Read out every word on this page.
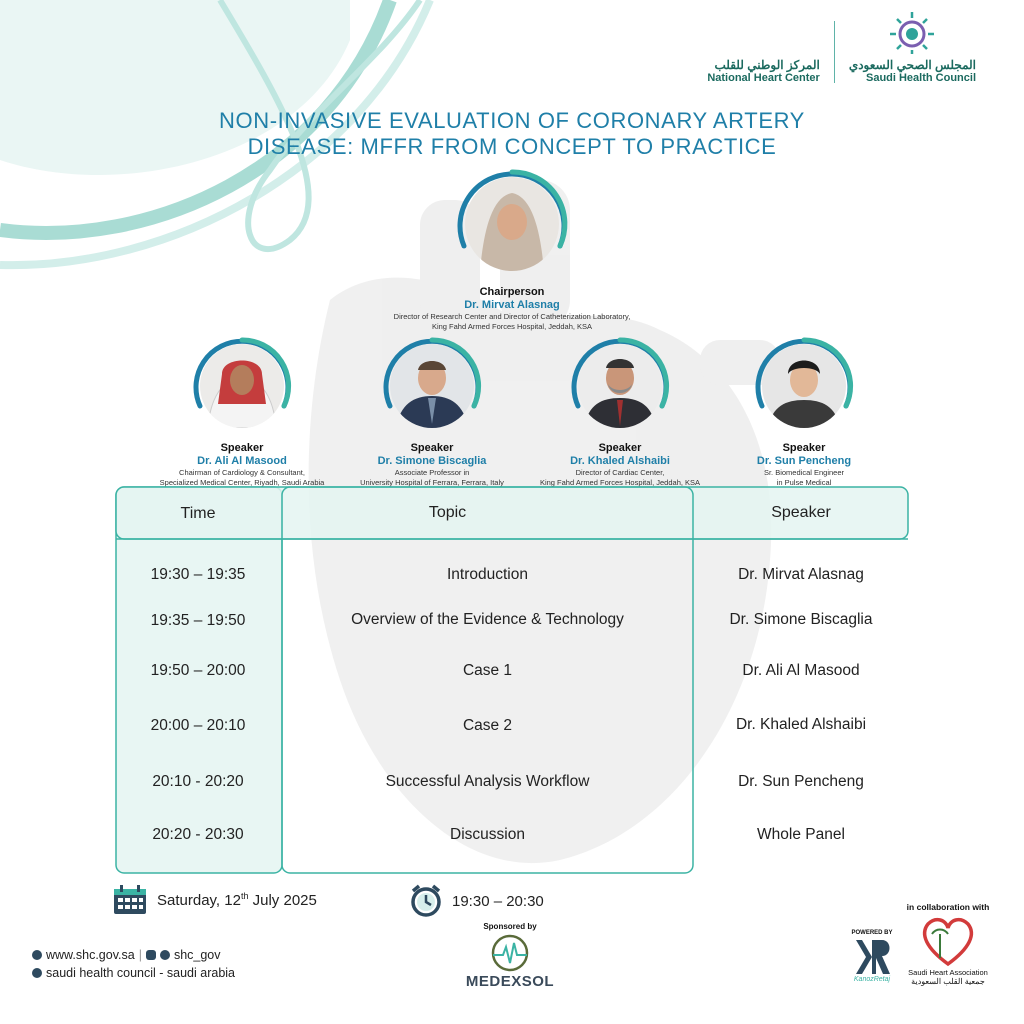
المركز الوطني للقلب
National Heart Center
المجلس الصحي السعودي
Saudi Health Council
NON-INVASIVE EVALUATION OF CORONARY ARTERY
DISEASE: MFFR FROM CONCEPT TO PRACTICE
Chairperson
Dr. Mirvat Alasnag
Director of Research Center and Director of Catheterization Laboratory,
King Fahd Armed Forces Hospital, Jeddah, KSA
Speaker
Dr. Ali Al Masood
Chairman of Cardiology & Consultant,
Specialized Medical Center, Riyadh, Saudi Arabia
Speaker
Dr. Simone Biscaglia
Associate Professor in
University Hospital of Ferrara, Ferrara, Italy
Speaker
Dr. Khaled Alshaibi
Director of Cardiac Center,
King Fahd Armed Forces Hospital, Jeddah, KSA
Speaker
Dr. Sun Pencheng
Sr. Biomedical Engineer
in Pulse Medical
Time	Topic	Speaker
19:30 – 19:35	Introduction	Dr. Mirvat Alasnag
19:35 – 19:50	Overview of the Evidence & Technology	Dr. Simone Biscaglia
19:50 – 20:00	Case 1	Dr. Ali Al Masood
20:00 – 20:10	Case 2	Dr. Khaled Alshaibi
20:10 - 20:20	Successful Analysis Workflow	Dr. Sun Pencheng
20:20 - 20:30	Discussion	Whole Panel
Saturday, 12th July 2025	19:30 – 20:30
Sponsored by
MEDEXSOL
www.shc.gov.sa |	shc_gov
saudi health council - saudi arabia
POWERED BY
KanozRetaj
in collaboration with
Saudi Heart Association
جمعية القلب السعودية
